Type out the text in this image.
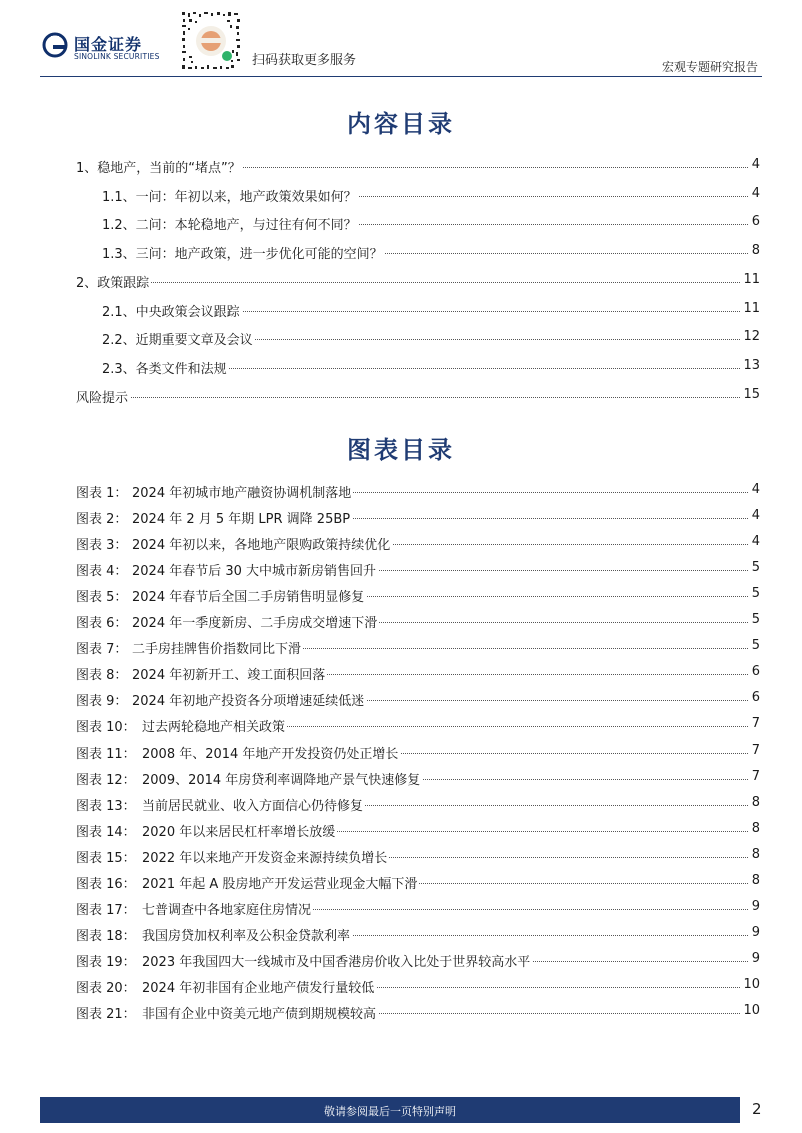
国金证券
SINOLINK SECURITIES	扫码获取更多服务	宏观专题研究报告
内容目录
1、稳地产，当前的“堵点”？	4
1.1、一问：年初以来，地产政策效果如何？	4
1.2、二问：本轮稳地产，与过往有何不同？	6
1.3、三问：地产政策，进一步优化可能的空间？	8
2、政策跟踪	11
2.1、中央政策会议跟踪	11
2.2、近期重要文章及会议	12
2.3、各类文件和法规	13
风险提示	15
图表目录
图表 1： 2024 年初城市地产融资协调机制落地	4
图表 2： 2024 年 2 月 5 年期 LPR 调降 25BP	4
图表 3： 2024 年初以来，各地地产限购政策持续优化	4
图表 4： 2024 年春节后 30 大中城市新房销售回升	5
图表 5： 2024 年春节后全国二手房销售明显修复	5
图表 6： 2024 年一季度新房、二手房成交增速下滑	5
图表 7： 二手房挂牌售价指数同比下滑	5
图表 8： 2024 年初新开工、竣工面积回落	6
图表 9： 2024 年初地产投资各分项增速延续低迷	6
图表 10： 过去两轮稳地产相关政策	7
图表 11： 2008 年、2014 年地产开发投资仍处正增长	7
图表 12： 2009、2014 年房贷利率调降地产景气快速修复	7
图表 13： 当前居民就业、收入方面信心仍待修复	8
图表 14： 2020 年以来居民杠杆率增长放缓	8
图表 15： 2022 年以来地产开发资金来源持续负增长	8
图表 16： 2021 年起 A 股房地产开发运营业现金大幅下滑	8
图表 17： 七普调查中各地家庭住房情况	9
图表 18： 我国房贷加权利率及公积金贷款利率	9
图表 19： 2023 年我国四大一线城市及中国香港房价收入比处于世界较高水平	9
图表 20： 2024 年初非国有企业地产债发行量较低	10
图表 21： 非国有企业中资美元地产债到期规模较高	10
敬请参阅最后一页特别声明	2
